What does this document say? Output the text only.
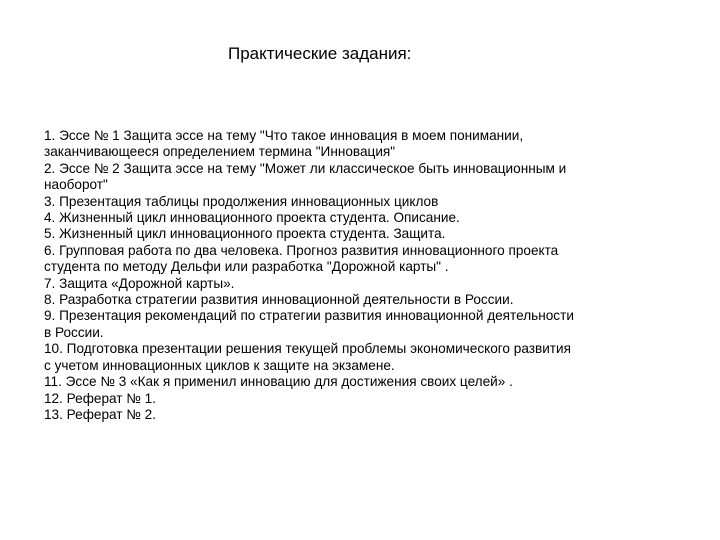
Практические задания:
1. Эссе № 1 Защита эссе на тему "Что такое инновация в моем понимании,
заканчивающееся определением термина "Инновация"
2. Эссе № 2 Защита эссе на тему "Может ли классическое быть инновационным и
наоборот"
3. Презентация таблицы продолжения инновационных циклов
4. Жизненный цикл инновационного проекта студента. Описание.
5. Жизненный цикл инновационного проекта студента. Защита.
6. Групповая работа по два человека. Прогноз развития инновационного проекта
студента по методу Дельфи или разработка "Дорожной карты" .
7. Защита «Дорожной карты».
8. Разработка стратегии развития инновационной деятельности в России.
9. Презентация рекомендаций по стратегии развития инновационной деятельности
в России.
10. Подготовка презентации решения текущей проблемы экономического развития
с учетом инновационных циклов к защите на экзамене.
11. Эссе № 3 «Как я применил инновацию для достижения своих целей» .
12. Реферат № 1.
13. Реферат № 2.
